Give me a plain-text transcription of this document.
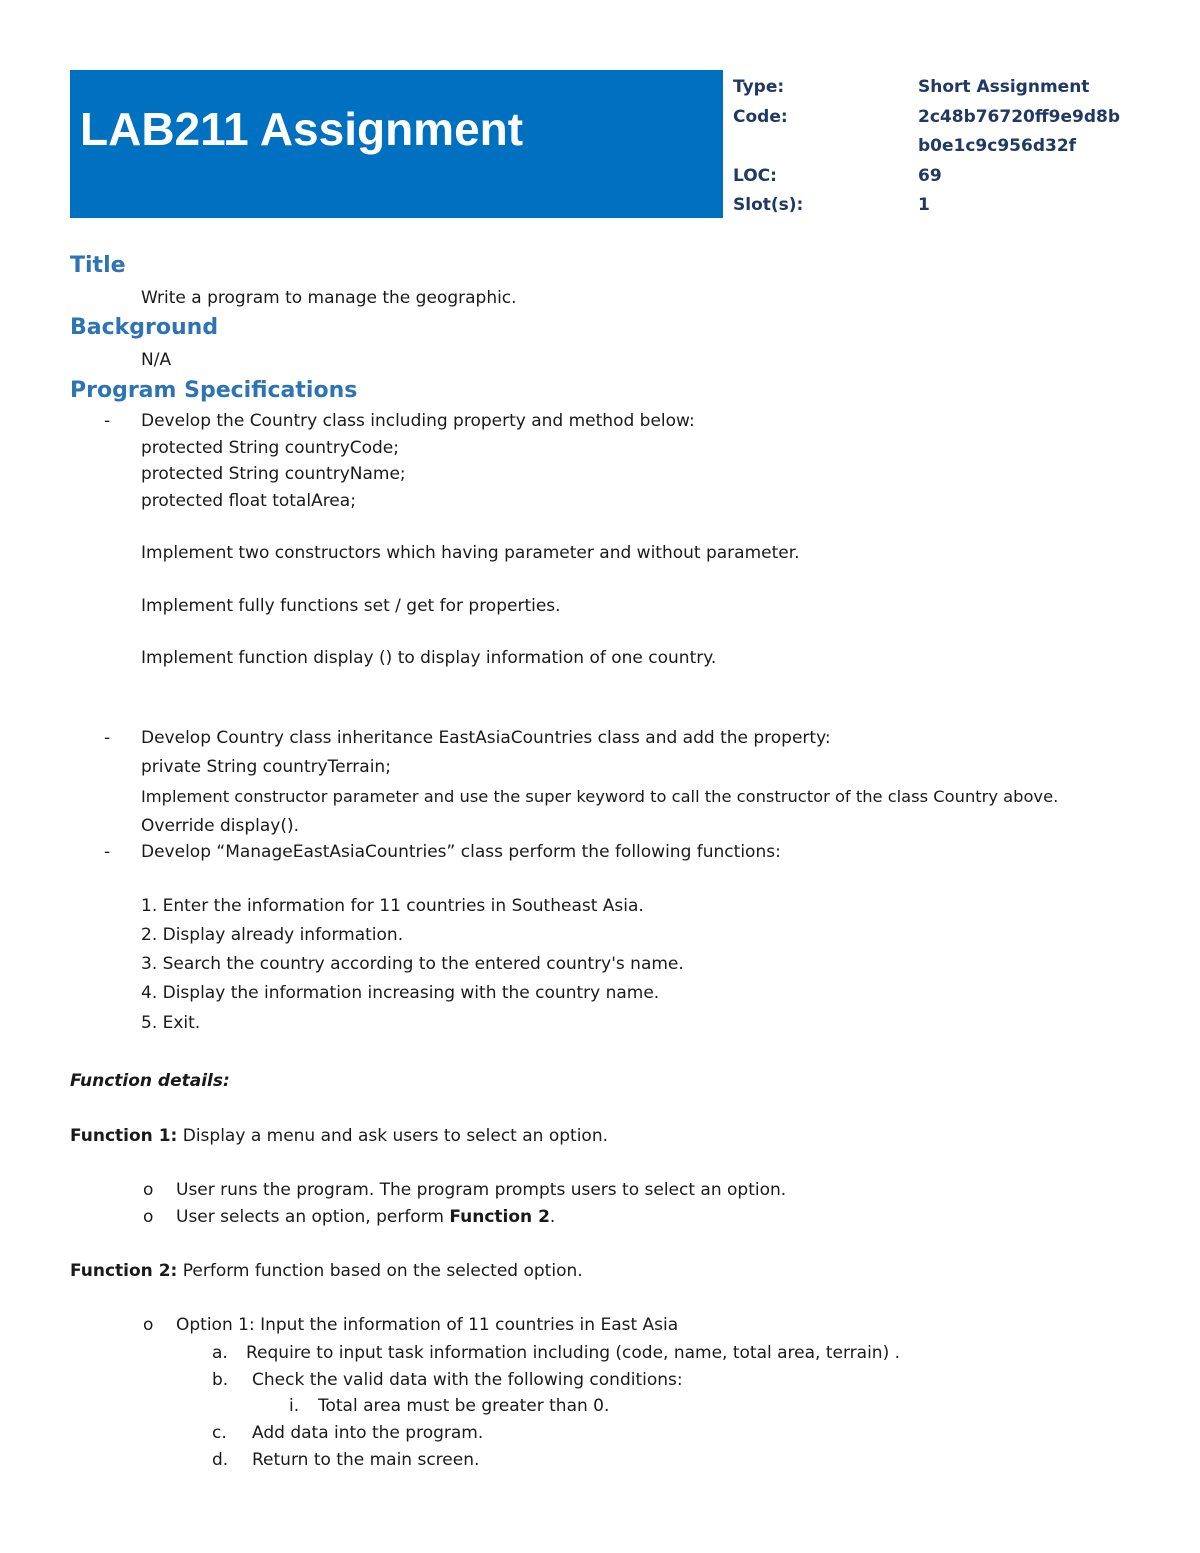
LAB211 Assignment
Type:	Short Assignment
Code:	2c48b76720ff9e9d8b
b0e1c9c956d32f
LOC:	69
Slot(s):	1
Title
Write a program to manage the geographic.
Background
N/A
Program Specifications
- Develop the Country class including property and method below:
protected String countryCode;
protected String countryName;
protected float totalArea;
Implement two constructors which having parameter and without parameter.
Implement fully functions set / get for properties.
Implement function display () to display information of one country.
- Develop Country class inheritance EastAsiaCountries class and add the property:
private String countryTerrain;
Implement constructor parameter and use the super keyword to call the constructor of the class Country above.
Override display().
- Develop “ManageEastAsiaCountries” class perform the following functions:
1. Enter the information for 11 countries in Southeast Asia.
2. Display already information.
3. Search the country according to the entered country's name.
4. Display the information increasing with the country name.
5. Exit.
Function details:
Function 1: Display a menu and ask users to select an option.
o User runs the program. The program prompts users to select an option.
o User selects an option, perform Function 2.
Function 2: Perform function based on the selected option.
o Option 1: Input the information of 11 countries in East Asia
a. Require to input task information including (code, name, total area, terrain) .
b. Check the valid data with the following conditions:
i. Total area must be greater than 0.
c. Add data into the program.
d. Return to the main screen.
